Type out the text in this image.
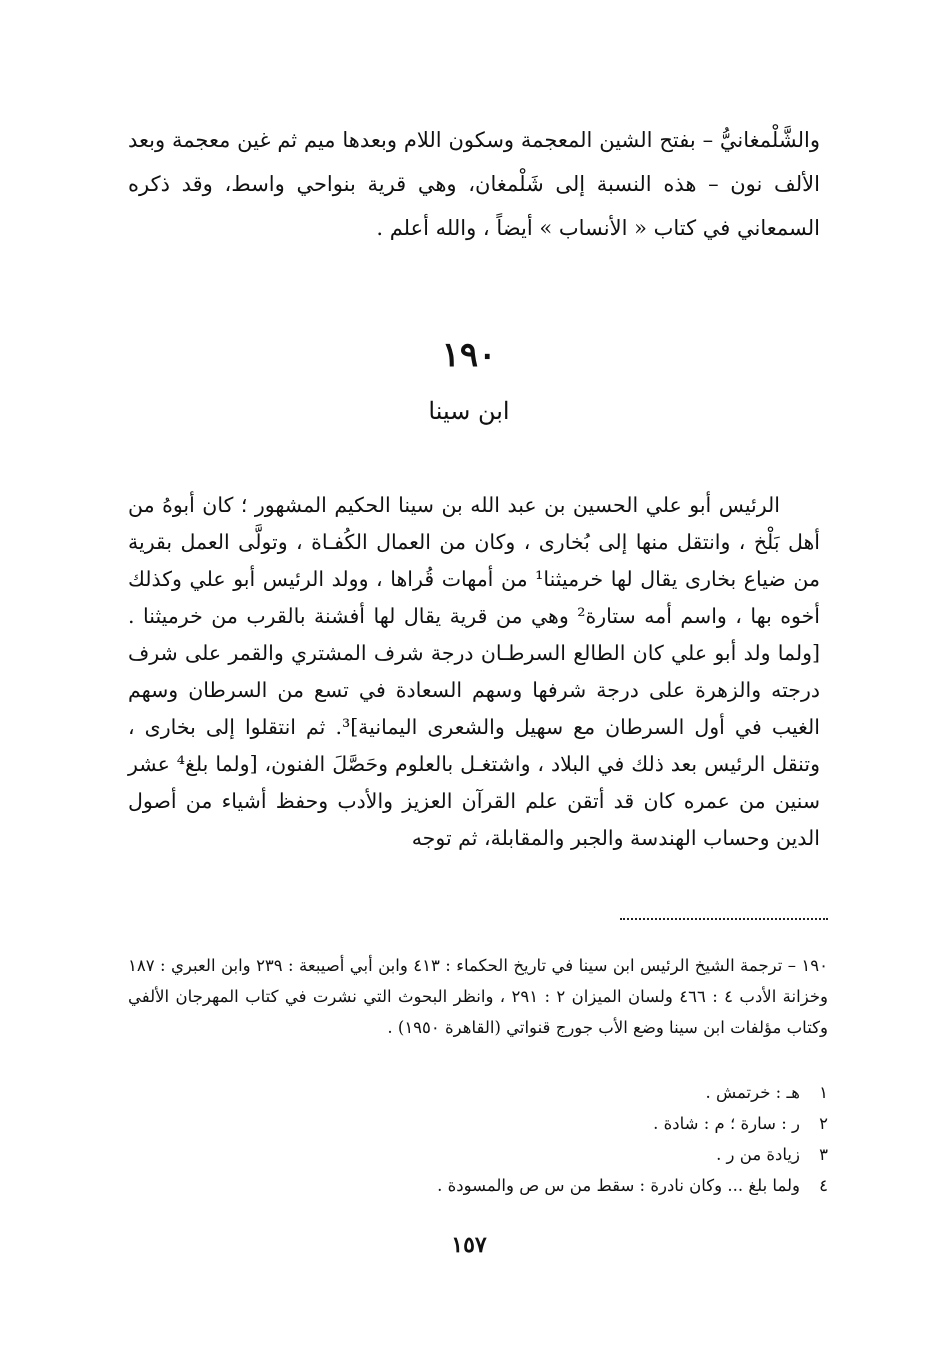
والشَّلْمغانيُّ – بفتح الشين المعجمة وسكون اللام وبعدها ميم ثم غين معجمة وبعد الألف نون – هذه النسبة إلى شَلْمغان، وهي قرية بنواحي واسط، وقد ذكره السمعاني في كتاب « الأنساب » أيضاً ، والله أعلم .

١٩٠
ابن سينا

الرئيس أبو علي الحسين بن عبد الله بن سينا الحكيم المشهور ؛ كان أبوهُ من أهل بَلْخ ، وانتقل منها إلى بُخارى ، وكان من العمال الكُفـاة ، وتولَّى العمل بقرية من ضياع بخارى يقال لها خرميثنا¹ من أمهات قُراها ، وولد الرئيس أبو علي وكذلك أخوه بها ، واسم أمه ستارة² وهي من قرية يقال لها أفشنة بالقرب من خرميثنا . [ولما ولد أبو علي كان الطالع السرطـان درجة شرف المشتري والقمر على شرف درجته والزهرة على درجة شرفها وسهم السعادة في تسع من السرطان وسهم الغيب في أول السرطان مع سهيل والشعرى اليمانية]³. ثم انتقلوا إلى بخارى ، وتنقل الرئيس بعد ذلك في البلاد ، واشتغـل بالعلوم وحَصَّلَ الفنون، [ولما بلغ⁴ عشر سنين من عمره كان قد أتقن علم القرآن العزيز والأدب وحفظ أشياء من أصول الدين وحساب الهندسة والجبر والمقابلة، ثم توجه

١٩٠ – ترجمة الشيخ الرئيس ابن سينا في تاريخ الحكماء : ٤١٣ وابن أبي أصيبعة : ٢٣٩ وابن العبري : ١٨٧ وخزانة الأدب ٤ : ٤٦٦ ولسان الميزان ٢ : ٢٩١ ، وانظر البحوث التي نشرت في كتاب المهرجان الألفي وكتاب مؤلفات ابن سينا وضع الأب جورج قنواتي (القاهرة ١٩٥٠) .

١هـ : خرتمش .
٢ر : سارة ؛ م : شادة .
٣زيادة من ر .
٤ولما بلغ ... وكان نادرة : سقط من س ص والمسودة .
١٥٧
